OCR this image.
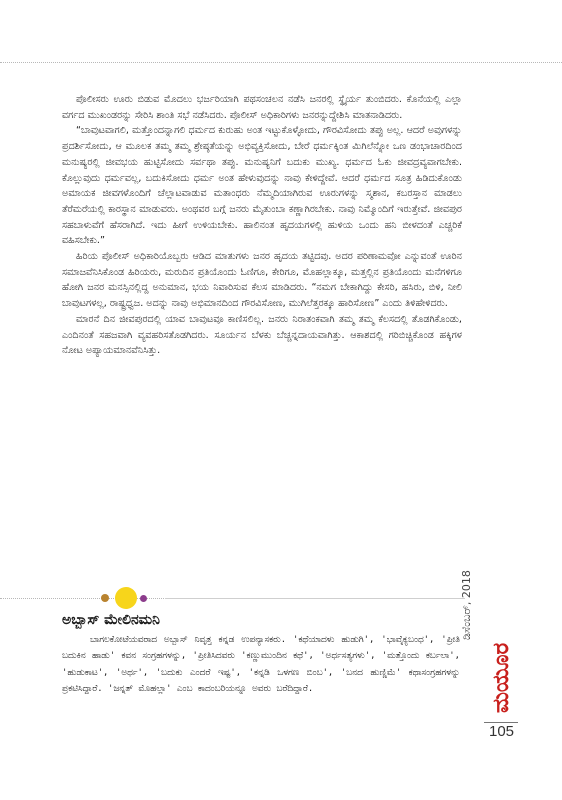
ಪೊಲೀಸರು ಊರು ಬಿಡುವ ಮೊದಲು ಭರ್ಜರಿಯಾಗಿ ಪಥಸಂಚಲನ ನಡೆಸಿ ಜನರಲ್ಲಿ ಸ್ಥೈರ್ಯ ತುಂಬಿದರು. ಕೊನೆಯಲ್ಲಿ ಎಲ್ಲಾ ವರ್ಗದ ಮುಖಂಡರನ್ನು ಸೇರಿಸಿ ಶಾಂತಿ ಸಭೆ ನಡೆಸಿದರು. ಪೊಲೀಸ್ ಅಧಿಕಾರಿಗಳು ಜನರನ್ನುದ್ದೇಶಿಸಿ ಮಾತನಾಡಿದರು.

“ಬಾವುಟವಾಗಲಿ, ಮತ್ತೊಂದನ್ನಾಗಲಿ ಧರ್ಮದ ಕುರುಹು ಅಂತ ಇಟ್ಟುಕೊಳ್ಳೋದು, ಗೌರವಿಸೋದು ತಪ್ಪು ಅಲ್ಲ. ಆದರೆ ಅವುಗಳನ್ನು ಪ್ರದರ್ಶಿಸೋದು, ಆ ಮೂಲಕ ತಮ್ಮ ತಮ್ಮ ಶ್ರೇಷ್ಠತೆಯನ್ನು ಅಭಿವ್ಯಕ್ತಿಸೋದು, ಬೇರೆ ಧರ್ಮಕ್ಕಿಂತ ಮಿಗಿಲೆನ್ನೋ ಒಣ ಡಂಭಾಚಾರದಿಂದ ಮನುಷ್ಯರಲ್ಲಿ ಜೀವಭಯ ಹುಟ್ಟಿಸೋದು ಸರ್ವಥಾ ತಪ್ಪು. ಮನುಷ್ಯನಿಗೆ ಬದುಕು ಮುಖ್ಯ. ಧರ್ಮದ ಓಕು ಜೀವದ್ರವ್ಯವಾಗಬೇಕು. ಕೊಲ್ಲುವುದು ಧರ್ಮವಲ್ಲ, ಬದುಕಿಸೋದು ಧರ್ಮ ಅಂತ ಹೇಳುವುದನ್ನು ನಾವು ಕೇಳಿದ್ದೇವೆ. ಆದರೆ ಧರ್ಮದ ಸೂತ್ರ ಹಿಡಿದುಕೊಂಡು ಅಮಾಯಕ ಜೀವಗಳೊಂದಿಗೆ ಚೆಲ್ಲಾಟವಾಡುವ ಮತಾಂಧರು ನೆಮ್ಮದಿಯಾಗಿರುವ ಊರುಗಳನ್ನು ಸ್ಮಶಾನ, ಕಬರಸ್ತಾನ ಮಾಡಲು ತೆರೆಮರೆಯಲ್ಲಿ ಕಾರಸ್ಥಾನ ಮಾಡುವರು. ಅಂಥವರ ಬಗ್ಗೆ ಜನರು ಮೈತುಂಬಾ ಕಣ್ಣಾಗಿರಬೇಕು. ನಾವು ನಿಮ್ಮೊಂದಿಗೆ ಇರುತ್ತೇವೆ. ಜೀವಪುರ ಸಹಬಾಳುವೆಗೆ ಹೆಸರಾಗಿದೆ. ಇದು ಹೀಗೆ ಉಳಿಯಬೇಕು. ಹಾಲಿನಂತ ಹೃದಯಗಳಲ್ಲಿ ಹುಳಿಯ ಒಂದು ಹನಿ ಬೀಳದಂತೆ ಎಚ್ಚರಿಕೆ ವಹಿಸಬೇಕು.”

ಹಿರಿಯ ಪೊಲೀಸ್ ಅಧಿಕಾರಿಯೊಬ್ಬರು ಆಡಿದ ಮಾತುಗಳು ಜನರ ಹೃದಯ ತಟ್ಟಿದವು. ಅದರ ಪರಿಣಾಮವೋ ಎನ್ನುವಂತೆ ಊರಿನ ಸಮಾಜವೆನಿಸಿಕೊಂಡ ಹಿರಿಯರು, ಮರುದಿನ ಪ್ರತಿಯೊಂದು ಓಣಿಗೂ, ಕೇರಿಗೂ, ಮೊಹಲ್ಲಾಕ್ಕೂ, ಮತ್ತಲ್ಲಿನ ಪ್ರತಿಯೊಂದು ಮನೆಗಳಿಗೂ ಹೋಗಿ ಜನರ ಮನಸ್ಸಿನಲ್ಲಿದ್ದ ಅನುಮಾನ, ಭಯ ನಿವಾರಿಸುವ ಕೆಲಸ ಮಾಡಿದರು. “ನಮಗ ಬೇಕಾಗಿದ್ದು ಕೇಸರಿ, ಹಸಿರು, ಬಿಳಿ, ನೀಲಿ ಬಾವುಟಗಳಲ್ಲ, ರಾಷ್ಟ್ರಧ್ವಜ. ಅದನ್ನು ನಾವು ಅಭಿಮಾನದಿಂದ ಗೌರವಿಸೋಣ, ಮುಗಿಲೆತ್ತರಕ್ಕೂ ಹಾರಿಸೋಣ” ಎಂದು ತಿಳಿಹೇಳಿದರು.

ಮಾರನೆ ದಿನ ಜೀವಪುರದಲ್ಲಿ ಯಾವ ಬಾವುಟವೂ ಕಾಣಿಸಲಿಲ್ಲ. ಜನರು ನಿರಾತಂಕವಾಗಿ ತಮ್ಮ ತಮ್ಮ ಕೆಲಸದಲ್ಲಿ ತೊಡಗಿಕೊಂಡು, ಎಂದಿನಂತೆ ಸಹಜವಾಗಿ ವ್ಯವಹರಿಸತೊಡಗಿದರು. ಸೂರ್ಯನ ಬೆಳಕು ಬೆಚ್ಚನ್ನದಾಯವಾಗಿತ್ತು. ಆಕಾಶದಲ್ಲಿ ಗರಿಬಿಚ್ಚಿಕೊಂಡ ಹಕ್ಕಿಗಳ ನೋಟ ಅಪ್ಯಾಯಮಾನವೆನಿಸಿತ್ತು.

ಅಬ್ಬಾಸ್ ಮೇಲಿನಮನಿ

ಬಾಗಲಕೋಟೆಯವರಾದ ಅಬ್ಬಾಸ್ ನಿವೃತ್ತ ಕನ್ನಡ ಉಪನ್ಯಾಸಕರು. 'ಕಥೆಯಾದಳು ಹುಡುಗಿ', 'ಭಾವೈಕ್ಯಬಂಧ', 'ಪ್ರೀತಿ ಬದುಕಿನ ಹಾಡು' ಕವನ ಸಂಗ್ರಹಗಳನ್ನು, 'ಪ್ರೀತಿಸಿದವರು 'ಕಣ್ಣುಮುಂದಿನ ಕಥೆ', 'ಅರ್ಧಸತ್ಯಗಳು', 'ಮತ್ತೊಂದು ಕರ್ಬಲಾ', 'ಹುಡುಕಾಟ', 'ಅರ್ಥ', 'ಬದುಕು ಎಂದರೆ ಇಷ್ಟ', 'ಕನ್ನಡಿ ಒಳಗಣ ಬಿಂಬ', 'ಬನದ ಹುಣ್ಣಿಮೆ' ಕಥಾಸಂಗ್ರಹಗಳನ್ನು ಪ್ರಕಟಿಸಿದ್ದಾರೆ. 'ಜನ್ನತ್ ಮೊಹಲ್ಲಾ' ಎಂಬ ಕಾದಂಬರಿಯನ್ನೂ ಅವರು ಬರೆದಿದ್ದಾರೆ.

ಡಿಸೆಂಬರ್, 2018
ಮಯೂರ
105
